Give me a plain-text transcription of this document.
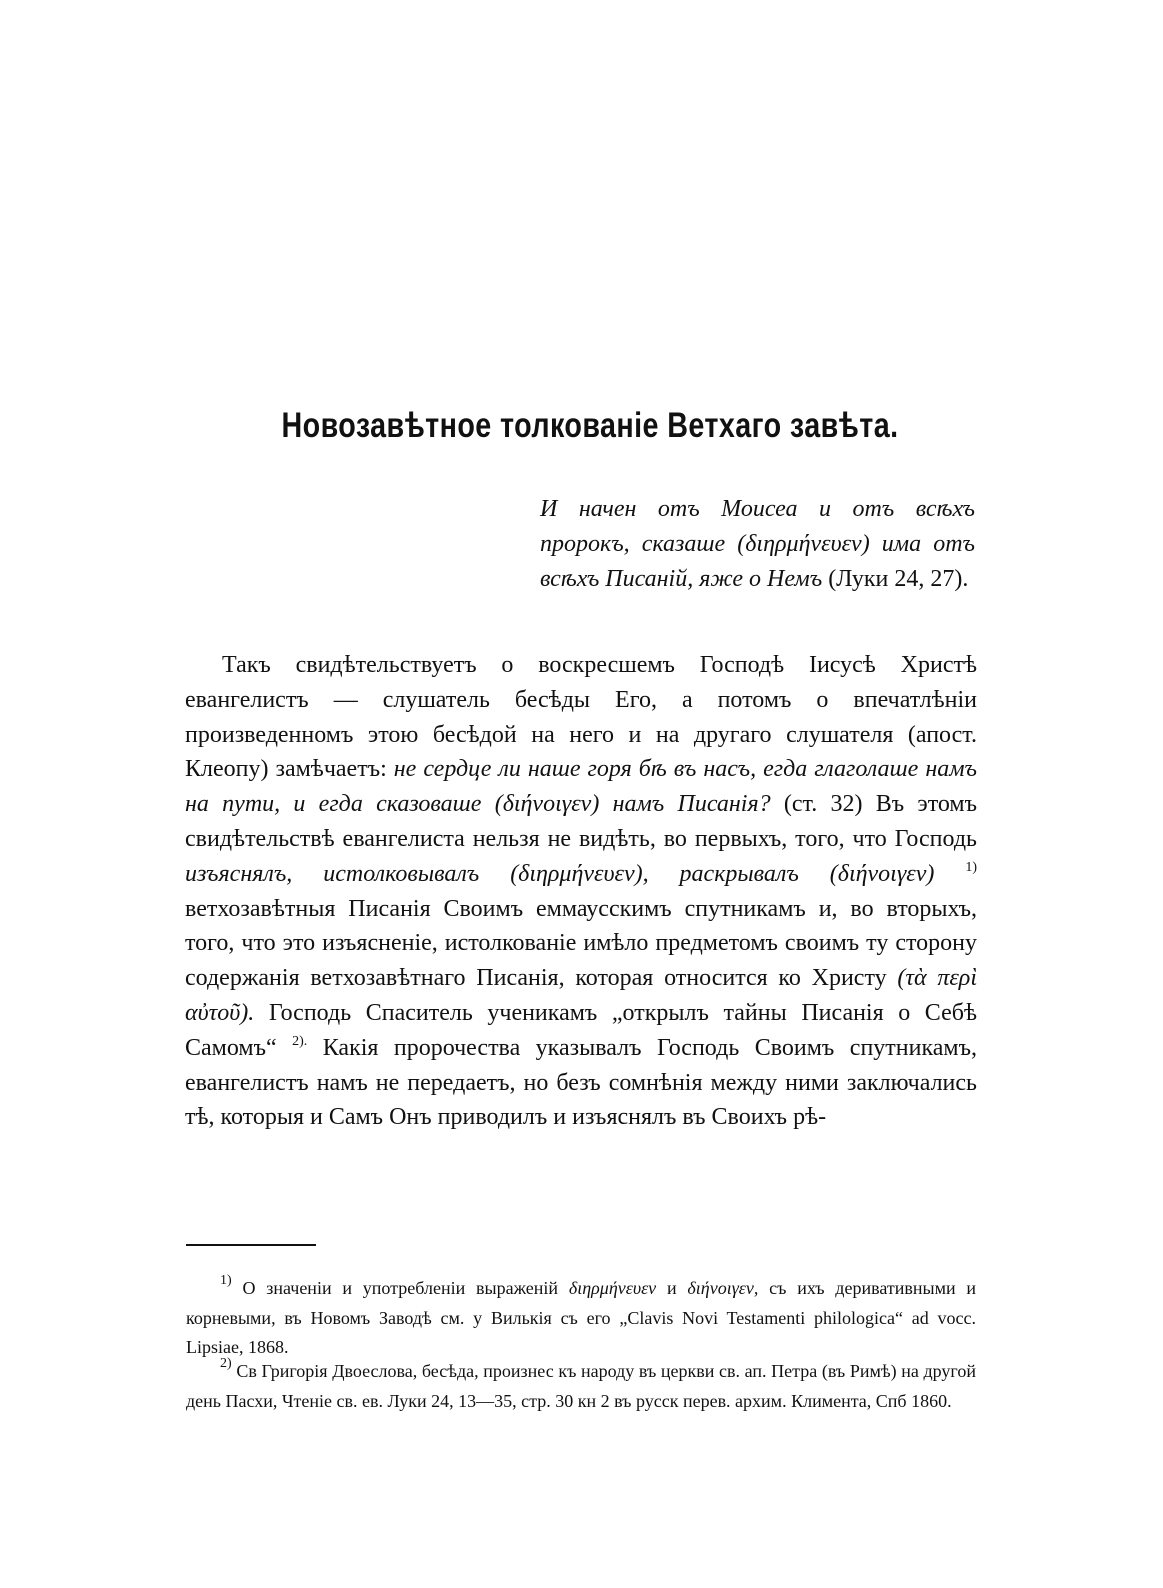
Новозавѣтное толкованіе Ветхаго завѣта.

И начен отъ Моисеа и отъ всѣхъ пророкъ, сказаше (διηρμήνευεν) има отъ всѣхъ Писаній, яже о Немъ (Луки 24, 27).

Такъ свидѣтельствуетъ о воскресшемъ Господѣ Іисусѣ Христѣ евангелистъ — слушатель бесѣды Его, а потомъ о впечатлѣніи произведенномъ этою бесѣдой на него и на другаго слушателя (апост. Клеопу) замѣчаетъ: не сердце ли наше горя бѣ въ насъ, егда глаголаше намъ на пути, и егда сказоваше (διήνοιγεν) намъ Писанія? (ст. 32) Въ этомъ свидѣтельствѣ евангелиста нельзя не видѣть, во первыхъ, того, что Господь изъяснялъ, истолковывалъ (διηρμήνευεν), раскрывалъ (διήνοιγεν) $^{1)}$ ветхозавѣтныя Писанія Своимъ еммаусскимъ спутникамъ и, во вторыхъ, того, что это изъясненіе, истолкованіе имѣло предметомъ своимъ ту сторону содержанія ветхозавѣтнаго Писанія, которая относится ко Христу (τὰ περὶ αὐτοῦ). Господь Спаситель ученикамъ „открылъ тайны Писанія о Себѣ Самомъ“ $^{2).}$ Какія пророчества указывалъ Господь Своимъ спутникамъ, евангелистъ намъ не передаетъ, но безъ сомнѣнія между ними заключались тѣ, которыя и Самъ Онъ приводилъ и изъяснялъ въ Своихъ рѣ-

$^{1)}$ О значеніи и употребленіи выраженій διηρμήνευεν и διήνοιγεν, съ ихъ деривативными и корневыми, въ Новомъ Заводѣ см. у Вилькія съ его „Clavis Novi Testamenti philologica“ ad vocc. Lipsiae, 1868.

$^{2)}$ Св Григорія Двоеслова, бесѣда, произнес къ народу въ церкви св. ап. Петра (въ Римѣ) на другой день Пасхи, Чтеніе св. ев. Луки 24, 13—35, стр. 30 кн 2 въ русск перев. архим. Климента, Спб 1860.
